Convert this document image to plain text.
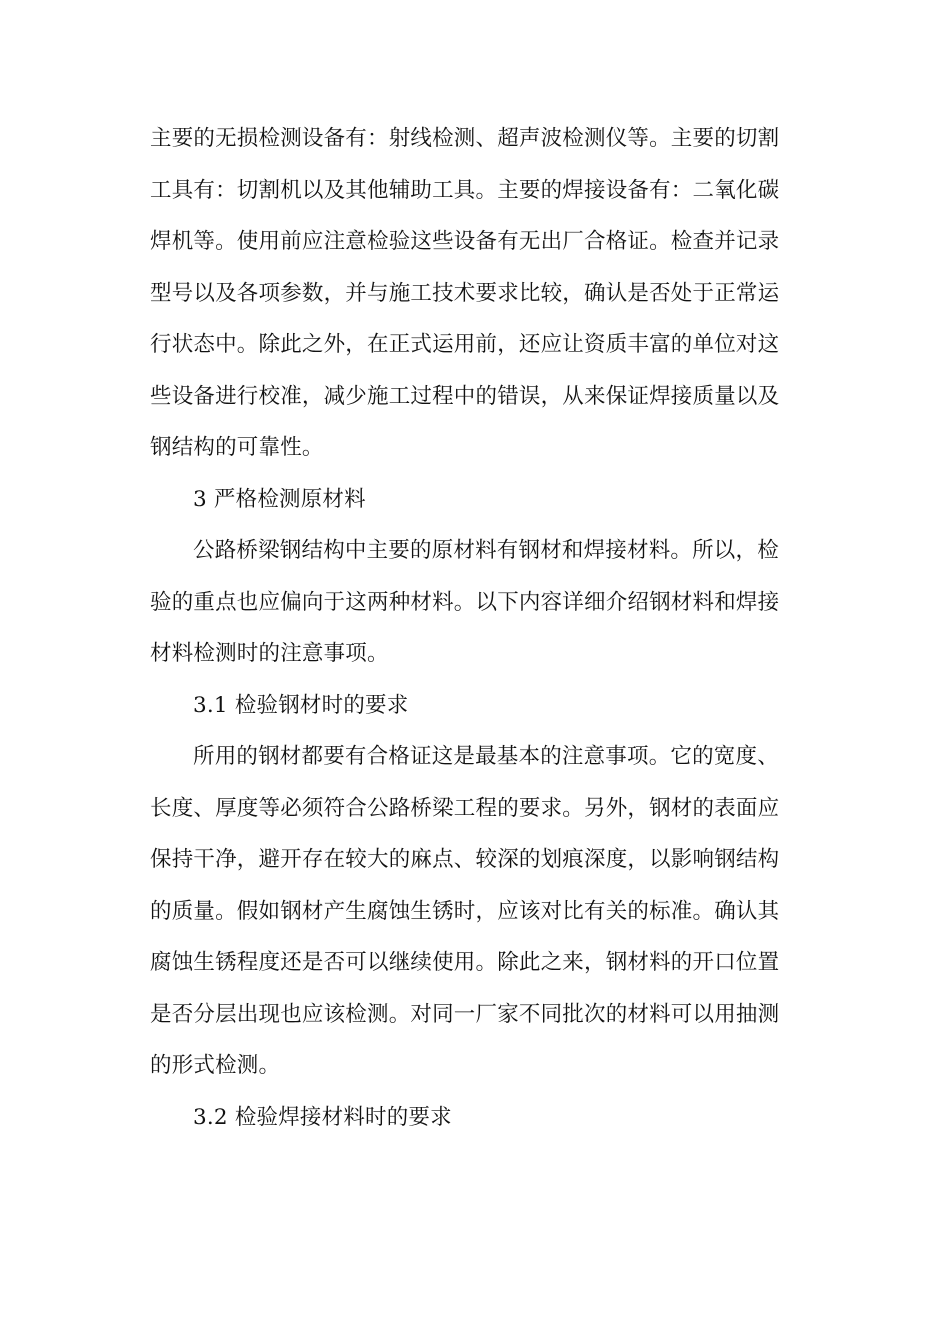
主要的无损检测设备有：射线检测、超声波检测仪等。主要的切割
工具有：切割机以及其他辅助工具。主要的焊接设备有：二氧化碳
焊机等。使用前应注意检验这些设备有无出厂合格证。检查并记录
型号以及各项参数，并与施工技术要求比较，确认是否处于正常运
行状态中。除此之外，在正式运用前，还应让资质丰富的单位对这
些设备进行校准，减少施工过程中的错误，从来保证焊接质量以及
钢结构的可靠性。
3 严格检测原材料
公路桥梁钢结构中主要的原材料有钢材和焊接材料。所以，检
验的重点也应偏向于这两种材料。以下内容详细介绍钢材料和焊接
材料检测时的注意事项。
3.1 检验钢材时的要求
所用的钢材都要有合格证这是最基本的注意事项。它的宽度、
长度、厚度等必须符合公路桥梁工程的要求。另外，钢材的表面应
保持干净，避开存在较大的麻点、较深的划痕深度，以影响钢结构
的质量。假如钢材产生腐蚀生锈时，应该对比有关的标准。确认其
腐蚀生锈程度还是否可以继续使用。除此之来，钢材料的开口位置
是否分层出现也应该检测。对同一厂家不同批次的材料可以用抽测
的形式检测。
3.2 检验焊接材料时的要求
